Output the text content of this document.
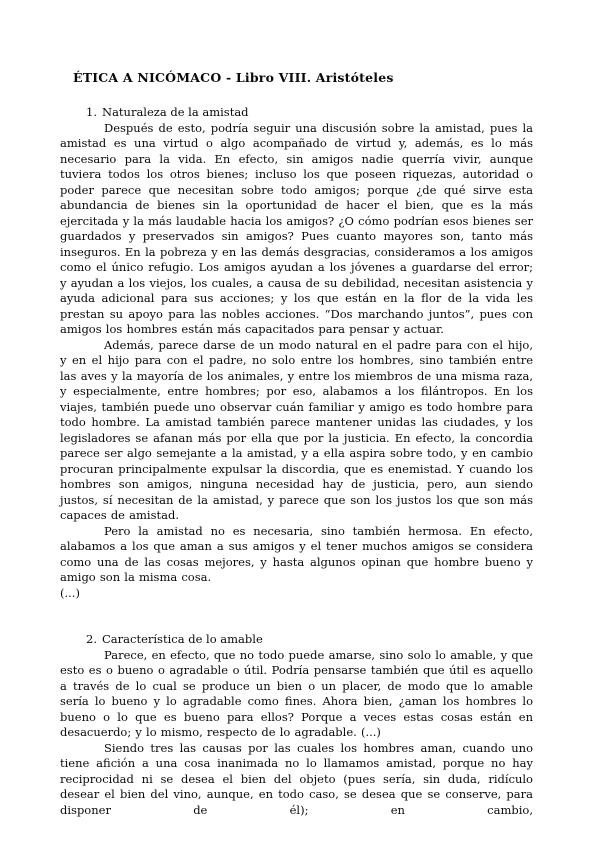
ÉTICA A NICÓMACO - Libro VIII. Aristóteles
1. Naturaleza de la amistad

Después de esto, podría seguir una discusión sobre la amistad, pues la amistad es una virtud o algo acompañado de virtud y, además, es lo más necesario para la vida. En efecto, sin amigos nadie querría vivir, aunque tuviera todos los otros bienes; incluso los que poseen riquezas, autoridad o poder parece que necesitan sobre todo amigos; porque ¿de qué sirve esta abundancia de bienes sin la oportunidad de hacer el bien, que es la más ejercitada y la más laudable hacia los amigos? ¿O cómo podrían esos bienes ser guardados y preservados sin amigos? Pues cuanto mayores son, tanto más inseguros. En la pobreza y en las demás desgracias, consideramos a los amigos como el único refugio. Los amigos ayudan a los jóvenes a guardarse del error; y ayudan a los viejos, los cuales, a causa de su debilidad, necesitan asistencia y ayuda adicional para sus acciones; y los que están en la flor de la vida les prestan su apoyo para las nobles acciones. “Dos marchando juntos”, pues con amigos los hombres están más capacitados para pensar y actuar.

Además, parece darse de un modo natural en el padre para con el hijo, y en el hijo para con el padre, no solo entre los hombres, sino también entre las aves y la mayoría de los animales, y entre los miembros de una misma raza, y especialmente, entre hombres; por eso, alabamos a los filántropos. En los viajes, también puede uno observar cuán familiar y amigo es todo hombre para todo hombre. La amistad también parece mantener unidas las ciudades, y los legisladores se afanan más por ella que por la justicia. En efecto, la concordia parece ser algo semejante a la amistad, y a ella aspira sobre todo, y en cambio procuran principalmente expulsar la discordia, que es enemistad. Y cuando los hombres son amigos, ninguna necesidad hay de justicia, pero, aun siendo justos, sí necesitan de la amistad, y parece que son los justos los que son más capaces de amistad.

Pero la amistad no es necesaria, sino también hermosa. En efecto, alabamos a los que aman a sus amigos y el tener muchos amigos se considera como una de las cosas mejores, y hasta algunos opinan que hombre bueno y amigo son la misma cosa.

(...)

2. Característica de lo amable

Parece, en efecto, que no todo puede amarse, sino solo lo amable, y que esto es o bueno o agradable o útil. Podría pensarse también que útil es aquello a través de lo cual se produce un bien o un placer, de modo que lo amable sería lo bueno y lo agradable como fines. Ahora bien, ¿aman los hombres lo bueno o lo que es bueno para ellos? Porque a veces estas cosas están en desacuerdo; y lo mismo, respecto de lo agradable. (...)

Siendo tres las causas por las cuales los hombres aman, cuando uno tiene afición a una cosa inanimada no lo llamamos amistad, porque no hay reciprocidad ni se desea el bien del objeto (pues sería, sin duda, ridículo desear el bien del vino, aunque, en todo caso, se desea que se conserve, para disponer de él); en cambio,
